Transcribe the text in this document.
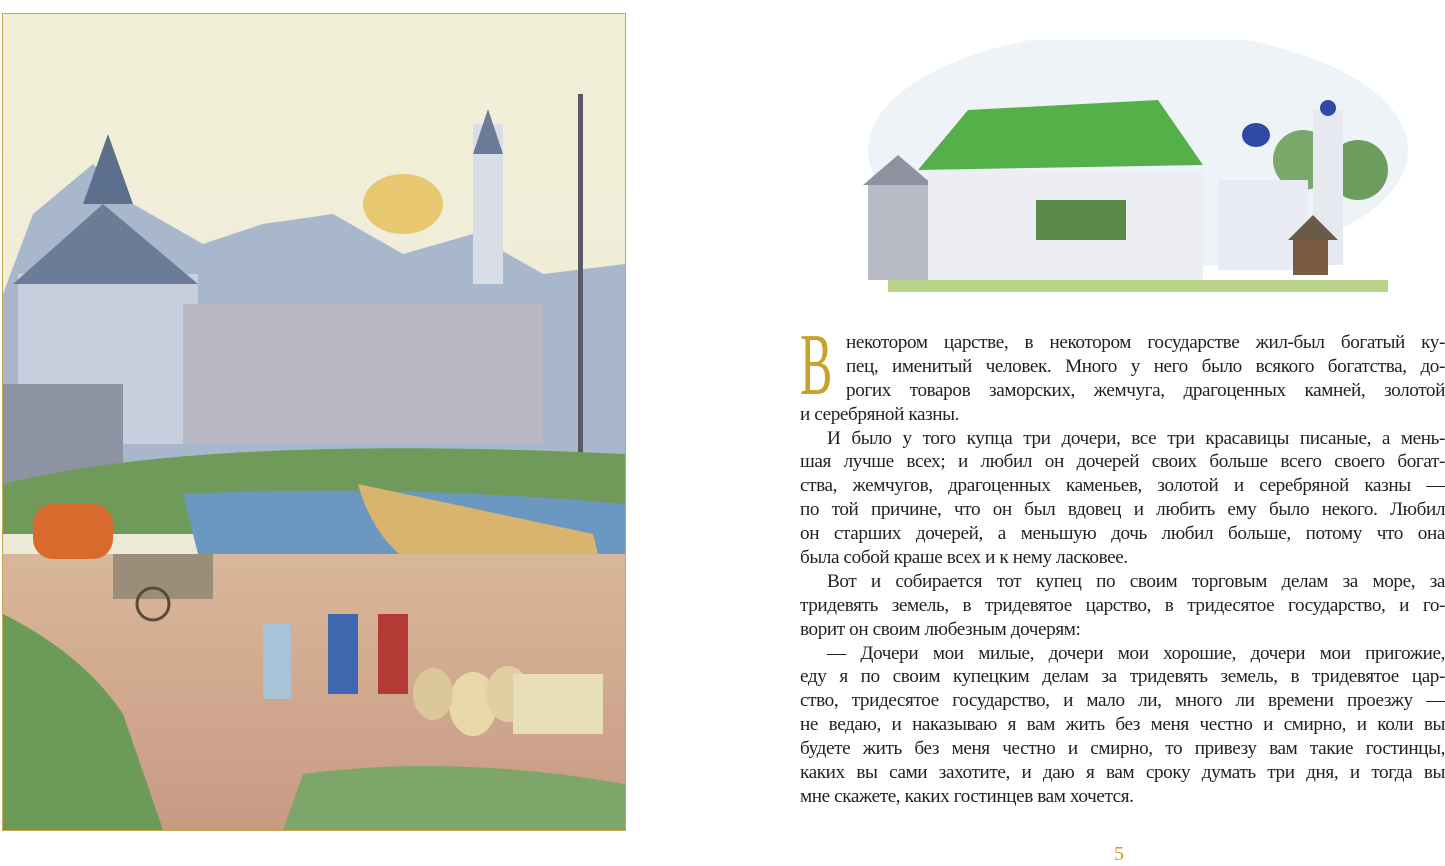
В некотором царстве, в некотором государстве жил-был богатый ку-
пец, именитый человек. Много у него было всякого богатства, до-
рогих товаров заморских, жемчуга, драгоценных камней, золотой
и серебряной казны.
И было у того купца три дочери, все три красавицы писаные, а мень-
шая лучше всех; и любил он дочерей своих больше всего своего богат-
ства, жемчугов, драгоценных каменьев, золотой и серебряной казны —
по той причине, что он был вдовец и любить ему было некого. Любил
он старших дочерей, а меньшую дочь любил больше, потому что она
была собой краше всех и к нему ласковее.
Вот и собирается тот купец по своим торговым делам за море, за
тридевять земель, в тридевятое царство, в тридесятое государство, и го-
ворит он своим любезным дочерям:
— Дочери мои милые, дочери мои хорошие, дочери мои пригожие,
еду я по своим купецким делам за тридевять земель, в тридевятое цар-
ство, тридесятое государство, и мало ли, много ли времени проезжу —
не ведаю, и наказываю я вам жить без меня честно и смирно, и коли вы
будете жить без меня честно и смирно, то привезу вам такие гостинцы,
каких вы сами захотите, и даю я вам сроку думать три дня, и тогда вы
мне скажете, каких гостинцев вам хочется.
5
